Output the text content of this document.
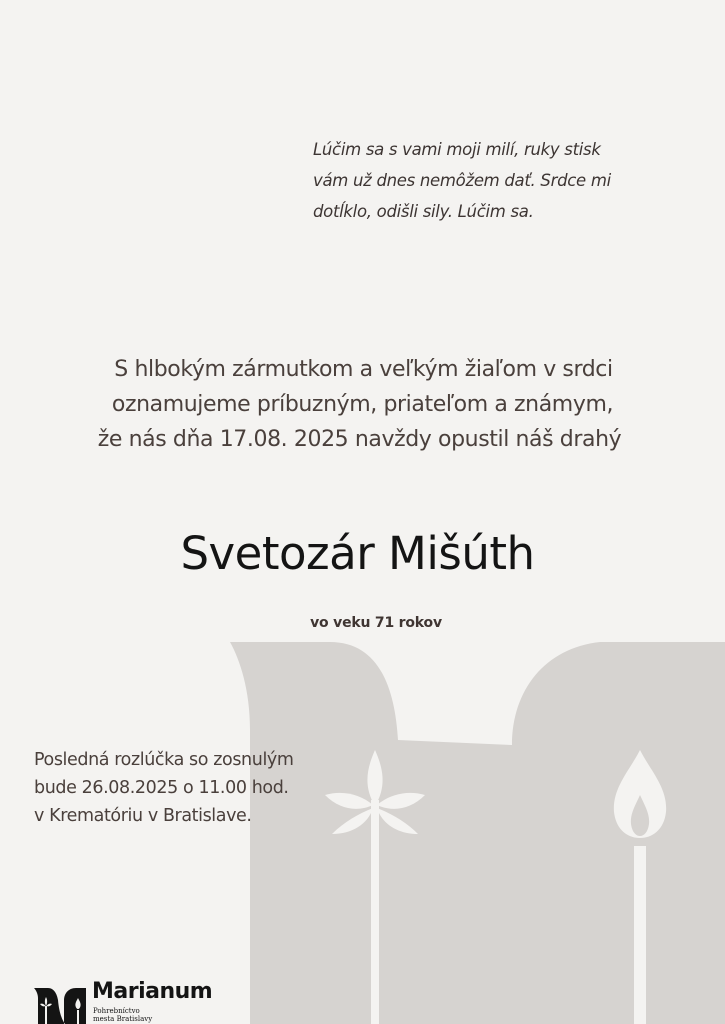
Lúčim sa s vami moji milí, ruky stisk
vám už dnes nemôžem dať. Srdce mi
dotĺklo, odišli sily. Lúčim sa.
S hlbokým zármutkom a veľkým žiaľom v srdci
oznamujeme príbuzným, priateľom a známym,
že nás dňa 17.08. 2025 navždy opustil náš drahý
Svetozár Mišúth
vo veku 71 rokov
Posledná rozlúčka so zosnulým
bude 26.08.2025 o 11.00 hod.
v Krematóriu v Bratislave.
Marianum
Pohrebníctvo
mesta Bratislavy
